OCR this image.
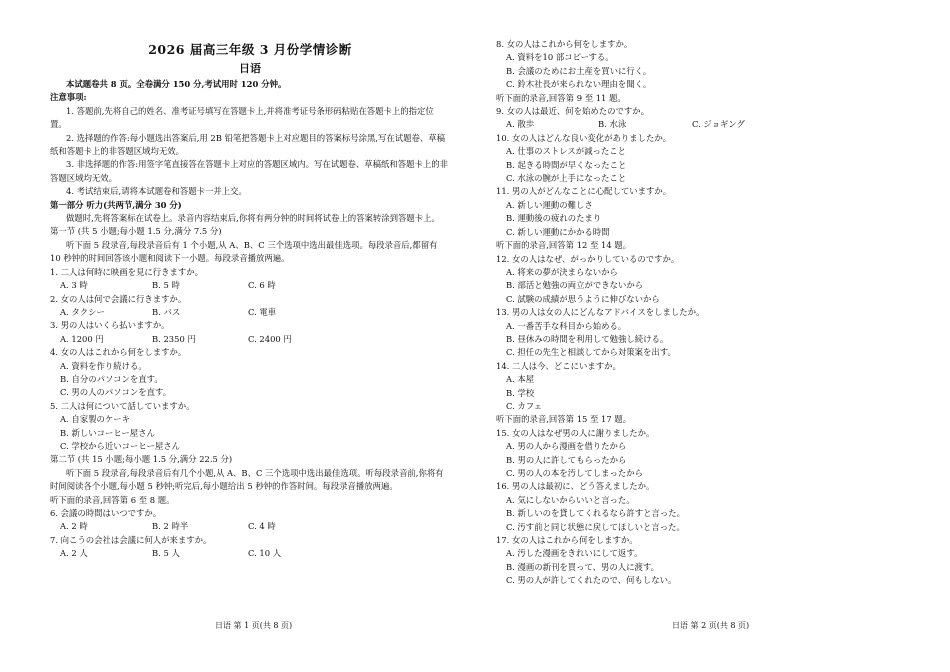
2026 届高三年级 3 月份学情诊断
日语

本试题卷共 8 页。全卷满分 150 分,考试用时 120 分钟。

注意事项:

1. 答题前,先将自己的姓名、准考证号填写在答题卡上,并将准考证号条形码粘贴在答题卡上的指定位置。

2. 选择题的作答:每小题选出答案后,用 2B 铅笔把答题卡上对应题目的答案标号涂黑,写在试题卷、草稿纸和答题卡上的非答题区域均无效。

3. 非选择题的作答:用签字笔直接答在答题卡上对应的答题区域内。写在试题卷、草稿纸和答题卡上的非答题区域均无效。

4. 考试结束后,请将本试题卷和答题卡一并上交。

第一部分 听力(共两节,满分 30 分)

做题时,先将答案标在试卷上。录音内容结束后,你将有两分钟的时间将试卷上的答案转涂到答题卡上。

第一节 (共 5 小题;每小题 1.5 分,满分 7.5 分)

听下面 5 段录音,每段录音后有 1 个小题,从 A、B、C 三个选项中选出最佳选项。每段录音后,都留有 10 秒钟的时间回答该小题和阅读下一小题。每段录音播放两遍。

1. 二人は何時に映画を見に行きますか。

A. 3 時	B. 5 時	C. 6 時

2. 女の人は何で会議に行きますか。

A. タクシー	B. バス	C. 電車

3. 男の人はいくら払いますか。

A. 1200 円	B. 2350 円	C. 2400 円

4. 女の人はこれから何をしますか。

A. 資料を作り続ける。
B. 自分のパソコンを直す。
C. 男の人のパソコンを直す。

5. 二人は何について話していますか。

A. 自家製のケーキ
B. 新しいコーヒー屋さん
C. 学校から近いコーヒー屋さん

第二节 (共 15 小题;每小题 1.5 分,满分 22.5 分)

听下面 5 段录音,每段录音后有几个小题,从 A、B、C 三个选项中选出最佳选项。听每段录音前,你将有时间阅读各个小题,每小题 5 秒钟;听完后,每小题给出 5 秒钟的作答时间。每段录音播放两遍。

听下面的录音,回答第 6 至 8 题。

6. 会議の時間はいつですか。

A. 2 時	B. 2 時半	C. 4 時

7. 向こうの会社は会議に何人が来ますか。

A. 2 人	B. 5 人	C. 10 人

8. 女の人はこれから何をしますか。

A. 資料を10 部コピーする。
B. 会議のためにお土産を買いに行く。
C. 鈴木社長が来られない理由を聞く。

听下面的录音,回答第 9 至 11 题。

9. 女の人は最近、何を始めたのですか。

A. 散歩	B. 水泳	C. ジョギング

10. 女の人はどんな良い変化がありましたか。

A. 仕事のストレスが減ったこと
B. 起きる時間が早くなったこと
C. 水泳の腕が上手になったこと

11. 男の人がどんなことに心配していますか。

A. 新しい運動の難しさ
B. 運動後の疲れのたまり
C. 新しい運動にかかる時間

听下面的录音,回答第 12 至 14 题。

12. 女の人はなぜ、がっかりしているのですか。

A. 将来の夢が決まらないから
B. 部活と勉強の両立ができないから
C. 試験の成績が思うように伸びないから

13. 男の人は女の人にどんなアドバイスをしましたか。

A. 一番苦手な科目から始める。
B. 昼休みの時間を利用して勉強し続ける。
C. 担任の先生と相談してから対策案を出す。

14. 二人は今、どこにいますか。

A. 本屋
B. 学校
C. カフェ

听下面的录音,回答第 15 至 17 题。

15. 女の人はなぜ男の人に謝りましたか。

A. 男の人から漫画を借りたから
B. 男の人に許してもらったから
C. 男の人の本を汚してしまったから

16. 男の人は最初に、どう答えましたか。

A. 気にしないからいいと言った。
B. 新しいのを貸してくれるなら許すと言った。
C. 汚す前と同じ状態に戻してほしいと言った。

17. 女の人はこれから何をしますか。

A. 汚した漫画をきれいにして返す。
B. 漫画の新刊を買って、男の人に渡す。
C. 男の人が許してくれたので、何もしない。
日语 第 1 页(共 8 页)	日语 第 2 页(共 8 页)
